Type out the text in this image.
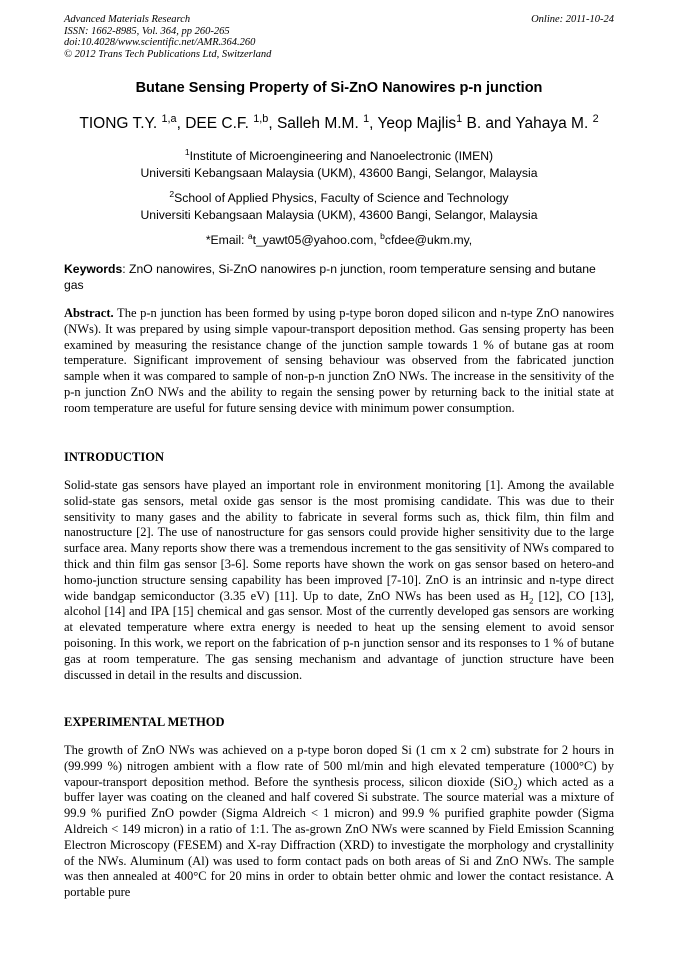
Advanced Materials Research
ISSN: 1662-8985, Vol. 364, pp 260-265
doi:10.4028/www.scientific.net/AMR.364.260
© 2012 Trans Tech Publications Ltd, Switzerland
Online: 2011-10-24
Butane Sensing Property of Si-ZnO Nanowires p-n junction
TIONG T.Y. $^{1,a}$, DEE C.F. $^{1,b}$, Salleh M.M. $^1$, Yeop Majlis$^1$ B. and Yahaya M. $^2$
$^1$Institute of Microengineering and Nanoelectronic (IMEN)
Universiti Kebangsaan Malaysia (UKM), 43600 Bangi, Selangor, Malaysia
$^2$School of Applied Physics, Faculty of Science and Technology
Universiti Kebangsaan Malaysia (UKM), 43600 Bangi, Selangor, Malaysia
*Email: $^a$t_yawt05@yahoo.com, $^b$cfdee@ukm.my,
Keywords: ZnO nanowires, Si-ZnO nanowires p-n junction, room temperature sensing and butane gas
Abstract. The p-n junction has been formed by using p-type boron doped silicon and n-type ZnO nanowires (NWs). It was prepared by using simple vapour-transport deposition method. Gas sensing property has been examined by measuring the resistance change of the junction sample towards 1 % of butane gas at room temperature. Significant improvement of sensing behaviour was observed from the fabricated junction sample when it was compared to sample of non-p-n junction ZnO NWs. The increase in the sensitivity of the p-n junction ZnO NWs and the ability to regain the sensing power by returning back to the initial state at room temperature are useful for future sensing device with minimum power consumption.
INTRODUCTION
Solid-state gas sensors have played an important role in environment monitoring [1]. Among the available solid-state gas sensors, metal oxide gas sensor is the most promising candidate. This was due to their sensitivity to many gases and the ability to fabricate in several forms such as, thick film, thin film and nanostructure [2]. The use of nanostructure for gas sensors could provide higher sensitivity due to the large surface area. Many reports show there was a tremendous increment to the gas sensitivity of NWs compared to thick and thin film gas sensor [3-6]. Some reports have shown the work on gas sensor based on hetero-and homo-junction structure sensing capability has been improved [7-10]. ZnO is an intrinsic and n-type direct wide bandgap semiconductor (3.35 eV) [11]. Up to date, ZnO NWs has been used as $H_2$ [12], CO [13], alcohol [14] and IPA [15] chemical and gas sensor. Most of the currently developed gas sensors are working at elevated temperature where extra energy is needed to heat up the sensing element to avoid sensor poisoning. In this work, we report on the fabrication of p-n junction sensor and its responses to 1 % of butane gas at room temperature. The gas sensing mechanism and advantage of junction structure have been discussed in detail in the results and discussion.
EXPERIMENTAL METHOD
The growth of ZnO NWs was achieved on a p-type boron doped Si (1 cm x 2 cm) substrate for 2 hours in (99.999 %) nitrogen ambient with a flow rate of 500 ml/min and high elevated temperature (1000°C) by vapour-transport deposition method. Before the synthesis process, silicon dioxide (SiO$_2$) which acted as a buffer layer was coating on the cleaned and half covered Si substrate. The source material was a mixture of 99.9 % purified ZnO powder (Sigma Aldreich < 1 micron) and 99.9 % purified graphite powder (Sigma Aldreich < 149 micron) in a ratio of 1:1. The as-grown ZnO NWs were scanned by Field Emission Scanning Electron Microscopy (FESEM) and X-ray Diffraction (XRD) to investigate the morphology and crystallinity of the NWs. Aluminum (Al) was used to form contact pads on both areas of Si and ZnO NWs. The sample was then annealed at 400°C for 20 mins in order to obtain better ohmic and lower the contact resistance. A portable pure
